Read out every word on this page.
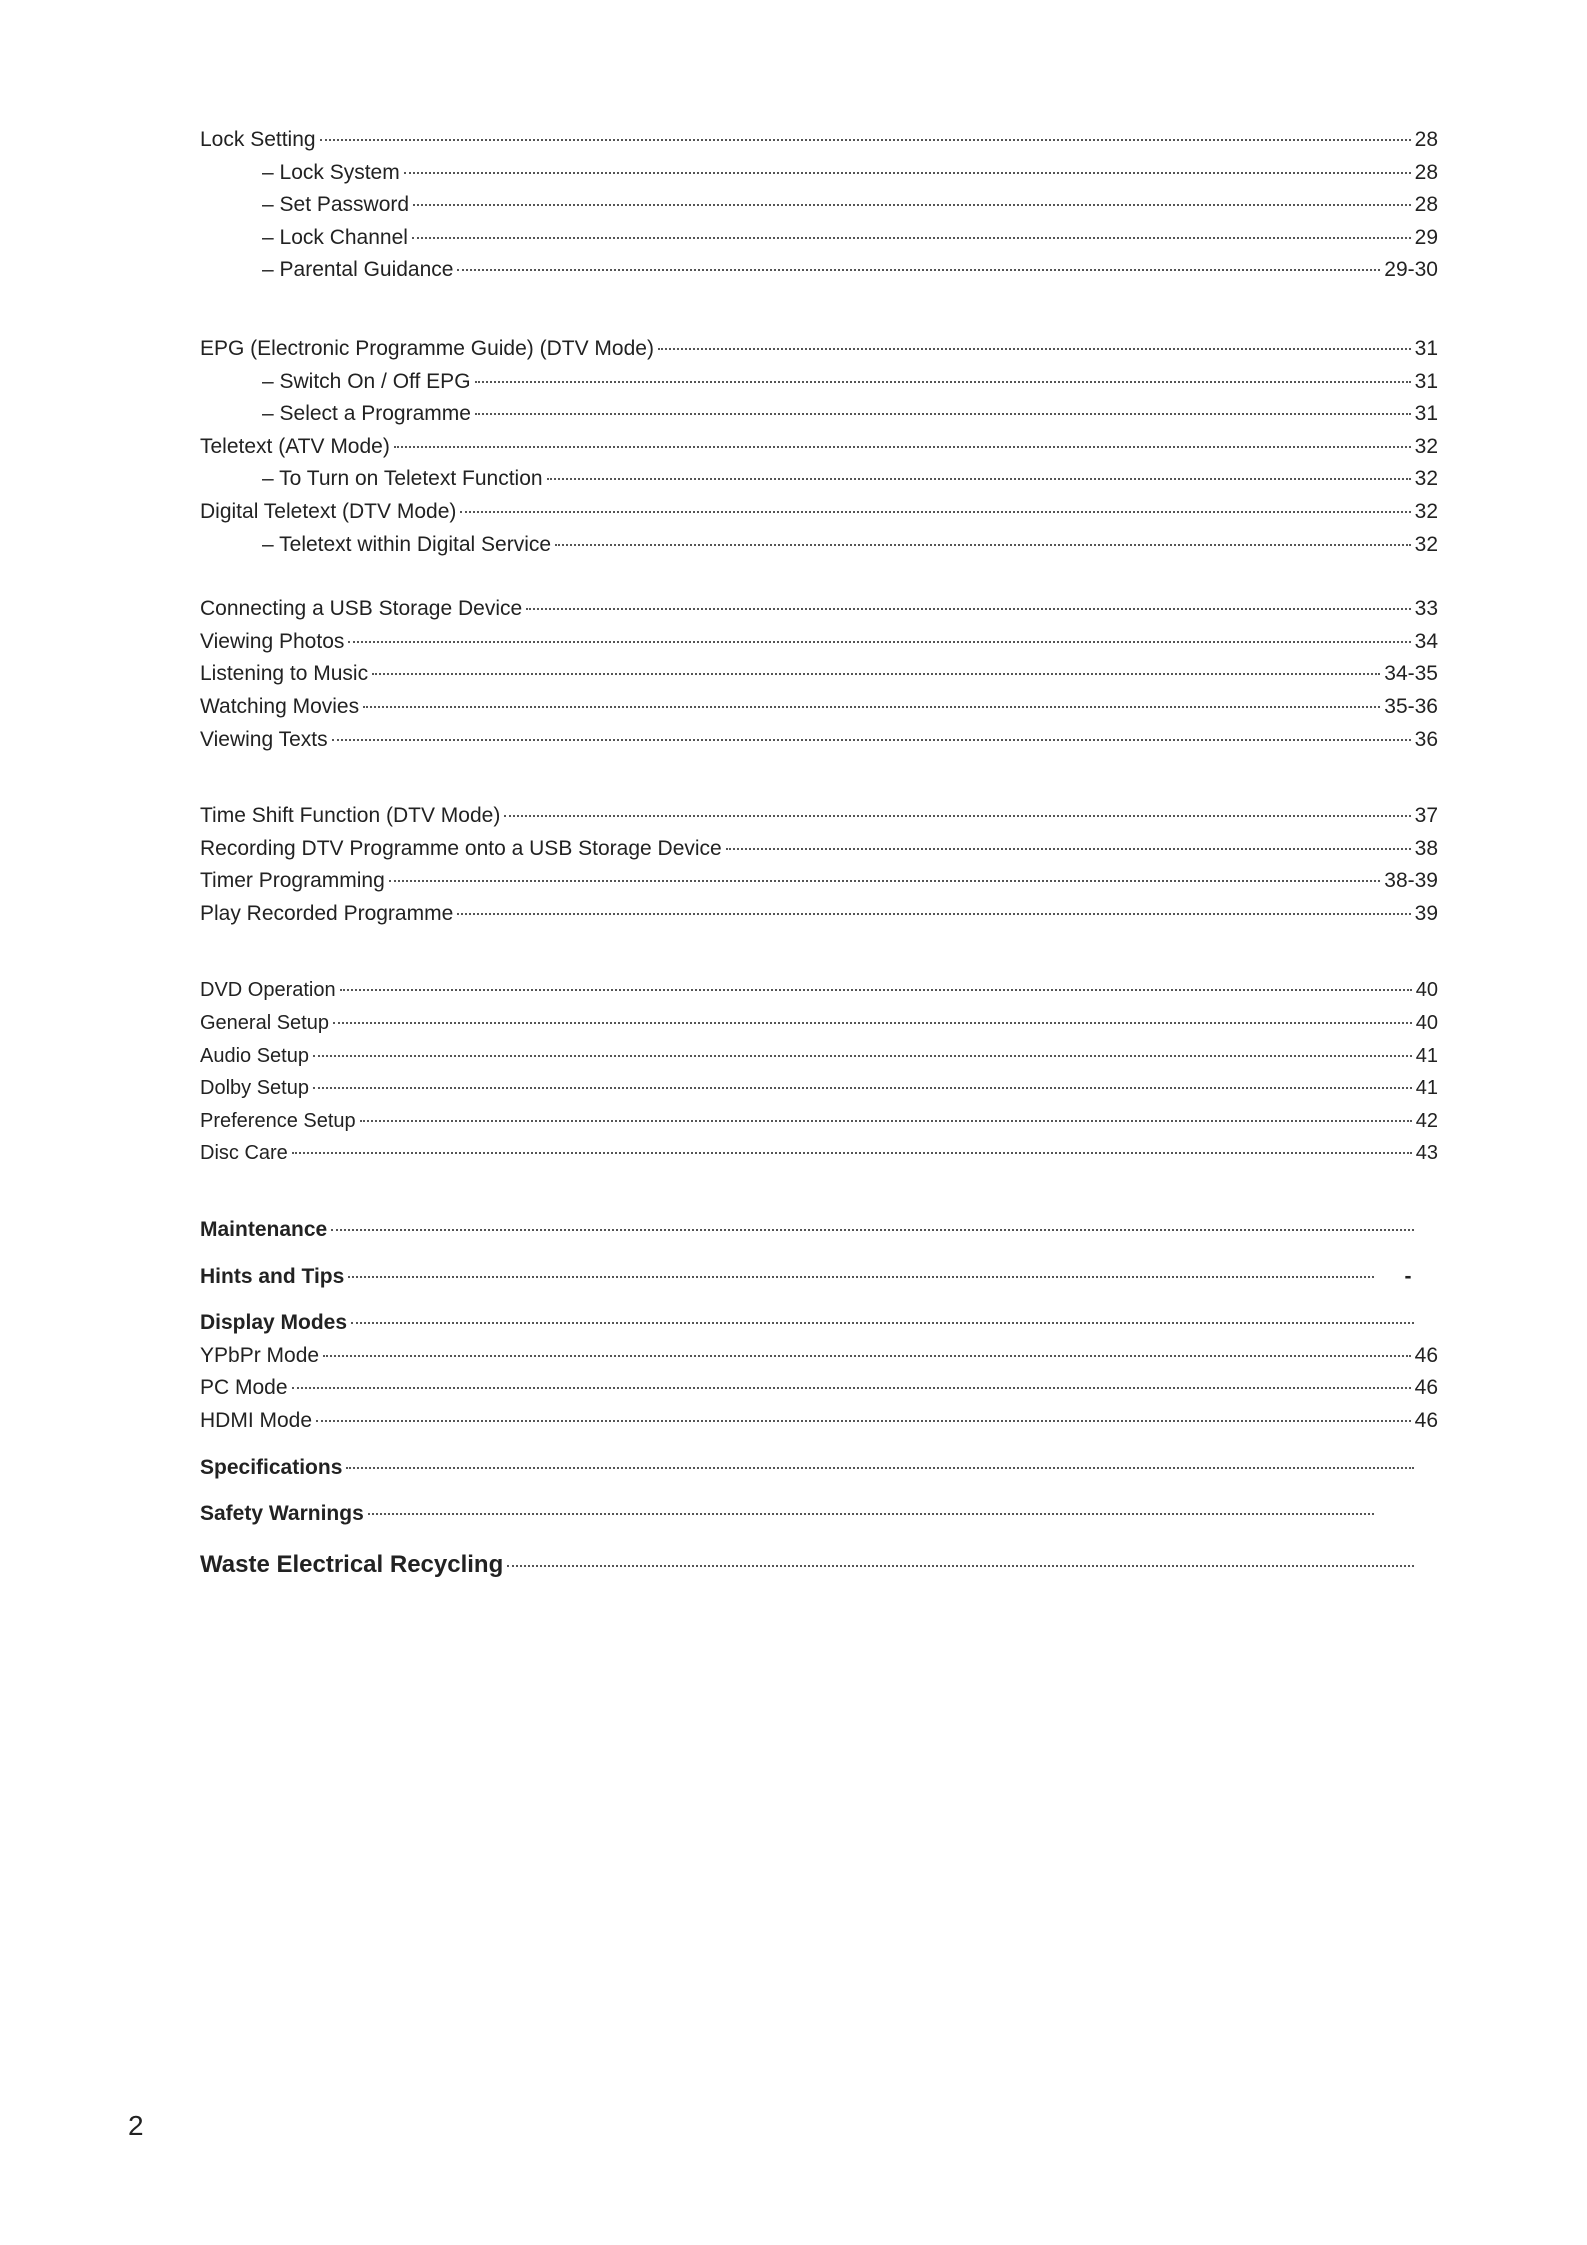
Lock Setting	28
– Lock System	28
– Set Password	28
– Lock Channel	29
– Parental Guidance	29-30
EPG (Electronic Programme Guide) (DTV Mode)	31
– Switch On / Off EPG	31
– Select a Programme	31
Teletext (ATV Mode)	32
– To Turn on Teletext Function	32
Digital Teletext (DTV Mode)	32
– Teletext within Digital Service	32
Connecting a USB Storage Device	33
Viewing Photos	34
Listening to Music	34-35
Watching Movies	35-36
Viewing Texts	36
Time Shift Function (DTV Mode)	37
Recording DTV Programme onto a USB Storage Device	38
Timer Programming	38-39
Play Recorded Programme	39
DVD Operation	40
General Setup	40
Audio Setup	41
Dolby Setup	41
Preference Setup	42
Disc Care	43
Maintenance
Hints and Tips	-
Display Modes
YPbPr Mode	46
PC Mode	46
HDMI Mode	46
Specifications
Safety Warnings
Waste Electrical Recycling
2
